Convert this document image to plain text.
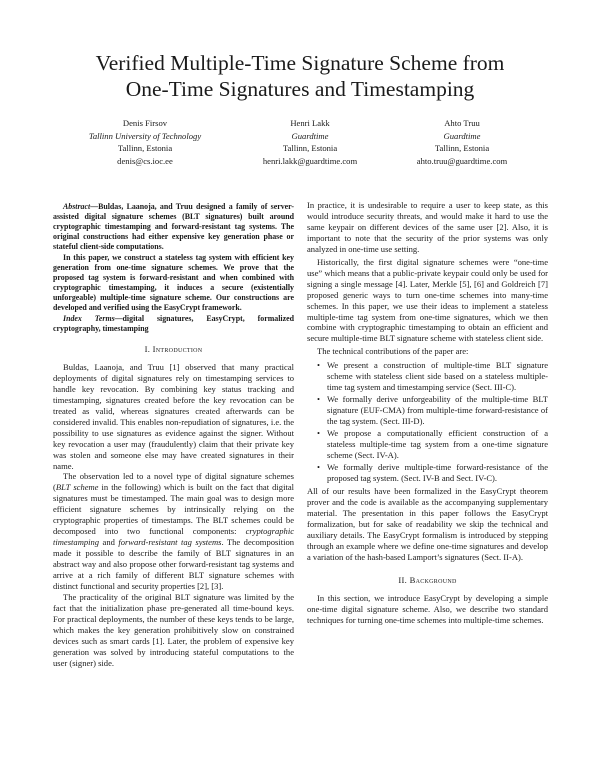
Verified Multiple-Time Signature Scheme from
One-Time Signatures and Timestamping
Denis Firsov
Tallinn University of Technology
Tallinn, Estonia
denis@cs.ioc.ee
Henri Lakk
Guardtime
Tallinn, Estonia
henri.lakk@guardtime.com
Ahto Truu
Guardtime
Tallinn, Estonia
ahto.truu@guardtime.com

Abstract—Buldas, Laanoja, and Truu designed a family of server-assisted digital signature schemes (BLT signatures) built around cryptographic timestamping and forward-resistant tag systems. The original constructions had either expensive key generation phase or stateful client-side computations.

In this paper, we construct a stateless tag system with efficient key generation from one-time signature schemes. We prove that the proposed tag system is forward-resistant and when combined with cryptographic timestamping, it induces a secure (existentially unforgeable) multiple-time signature scheme. Our constructions are developed and verified using the EasyCrypt framework.

Index Terms—digital signatures, EasyCrypt, formalized cryptography, timestamping

I. Introduction

Buldas, Laanoja, and Truu [1] observed that many practical deployments of digital signatures rely on timestamping services to handle key revocation. By combining key status tracking and timestamping, signatures created before the key revocation can be treated as valid, whereas signatures created afterwards can be considered invalid. This enables non-repudiation of signatures, i.e. the possibility to use signatures as evidence against the signer. Without key revocation a user may (fraudulently) claim that their private key was stolen and someone else may have created signatures in their name.

The observation led to a novel type of digital signature schemes (BLT scheme in the following) which is built on the fact that digital signatures must be timestamped. The main goal was to design more efficient signature schemes by intrinsically relying on the cryptographic properties of timestamps. The BLT schemes could be decomposed into two functional components: cryptographic timestamping and forward-resistant tag systems. The decomposition made it possible to describe the family of BLT signatures in an abstract way and also propose other forward-resistant tag systems and arrive at a rich family of different BLT signature schemes with distinct functional and security properties [2], [3].

The practicality of the original BLT signature was limited by the fact that the initialization phase pre-generated all time-bound keys. For practical deployments, the number of these keys tends to be large, which makes the key generation prohibitively slow on constrained devices such as smart cards [1]. Later, the problem of expensive key generation was solved by introducing stateful computations to the user (signer) side.

In practice, it is undesirable to require a user to keep state, as this would introduce security threats, and would make it hard to use the same keypair on different devices of the same user [2]. Also, it is important to note that the security of the prior systems was only analyzed in one-time use setting.

Historically, the first digital signature schemes were “one-time use” which means that a public-private keypair could only be used for signing a single message [4]. Later, Merkle [5], [6] and Goldreich [7] proposed generic ways to turn one-time schemes into many-time schemes. In this paper, we use their ideas to implement a stateless multiple-time tag system from one-time signatures, which we then combine with cryptographic timestamping to obtain an efficient and secure multiple-time BLT signature scheme with stateless client side.

The technical contributions of the paper are:

• We present a construction of multiple-time BLT signature scheme with stateless client side based on a stateless multiple-time tag system and timestamping service (Sect. III-C).
• We formally derive unforgeability of the multiple-time BLT signature (EUF-CMA) from multiple-time forward-resistance of the tag system. (Sect. III-D).
• We propose a computationally efficient construction of a stateless multiple-time tag system from a one-time signature scheme (Sect. IV-A).
• We formally derive multiple-time forward-resistance of the proposed tag system. (Sect. IV-B and Sect. IV-C).

All of our results have been formalized in the EasyCrypt theorem prover and the code is available as the accompanying supplementary material. The presentation in this paper follows the EasyCrypt formalization, but for sake of readability we skip the technical and auxiliary details. The EasyCrypt formalism is introduced by stepping through an example where we define one-time signatures and develop a variation of the hash-based Lamport’s signatures (Sect. II-A).

II. Background

In this section, we introduce EasyCrypt by developing a simple one-time digital signature scheme. Also, we describe two standard techniques for turning one-time schemes into multiple-time schemes.
